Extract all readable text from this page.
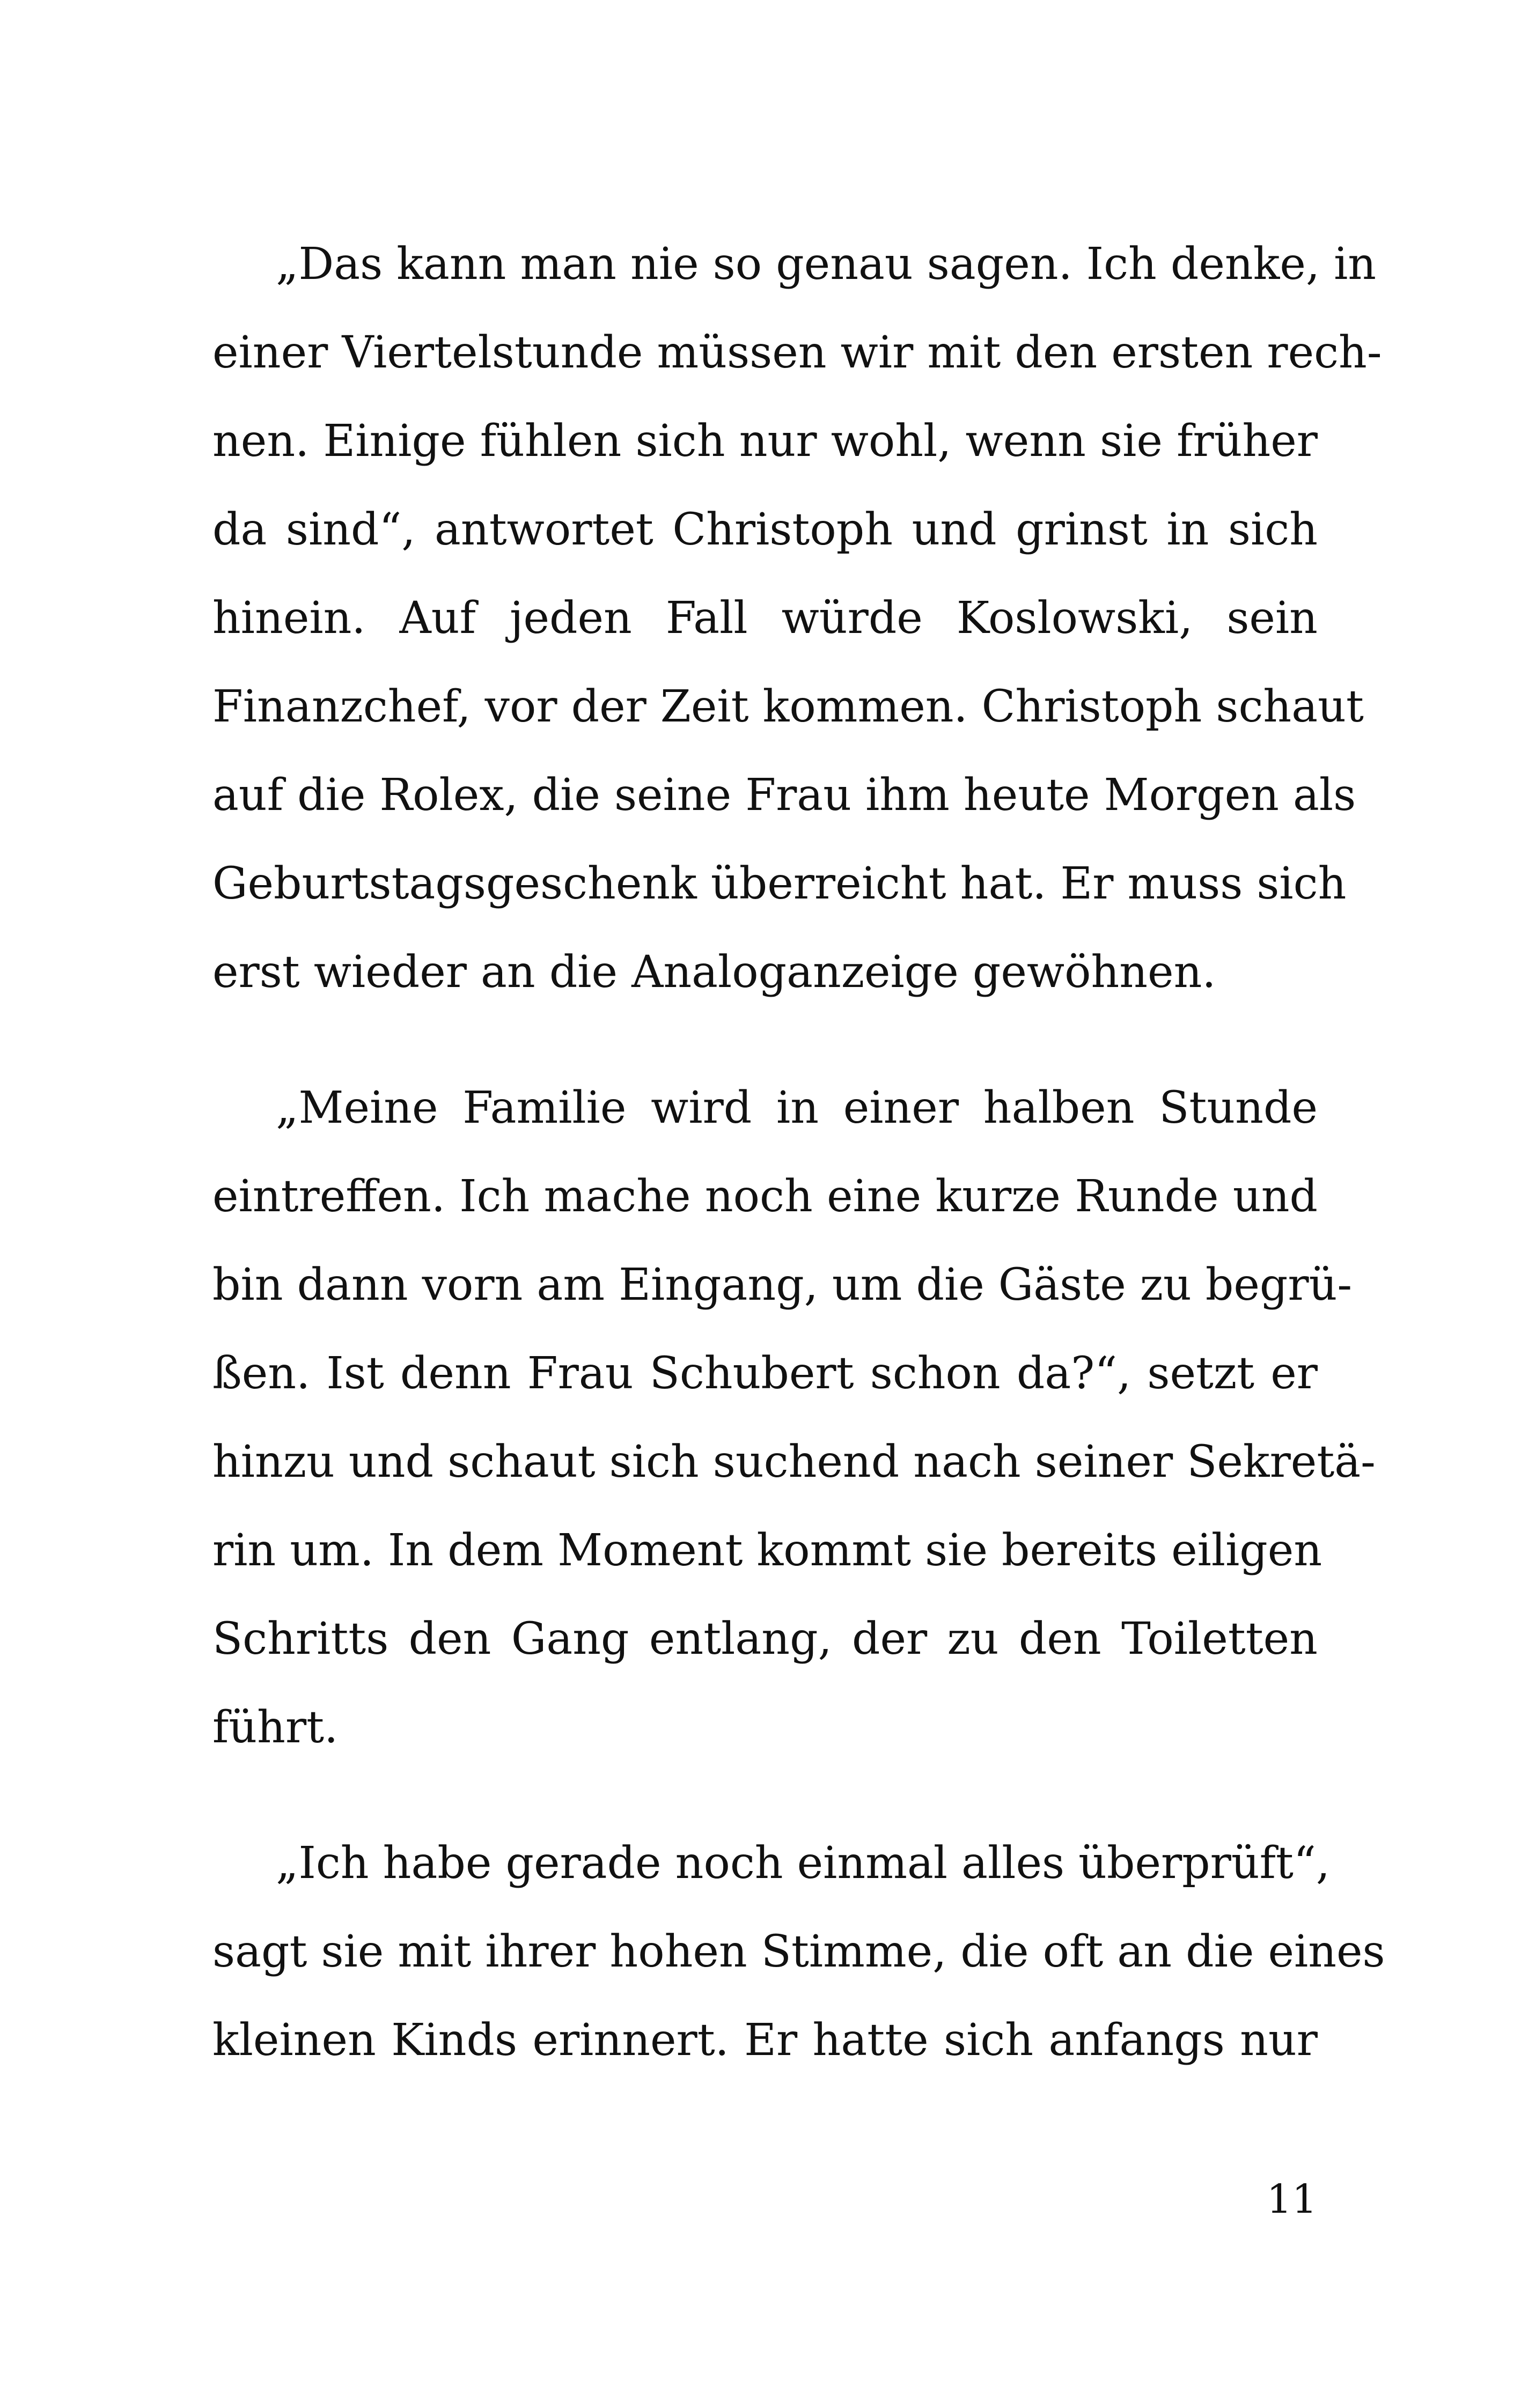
„Das kann man nie so genau sagen. Ich denke, in
einer Viertelstunde müssen wir mit den ersten rech-
nen. Einige fühlen sich nur wohl, wenn sie früher
da sind“, antwortet Christoph und grinst in sich
hinein. Auf jeden Fall würde Koslowski, sein
Finanzchef, vor der Zeit kommen. Christoph schaut
auf die Rolex, die seine Frau ihm heute Morgen als
Geburtstagsgeschenk überreicht hat. Er muss sich
erst wieder an die Analoganzeige gewöhnen.
„Meine Familie wird in einer halben Stunde
eintreffen. Ich mache noch eine kurze Runde und
bin dann vorn am Eingang, um die Gäste zu begrü-
ßen. Ist denn Frau Schubert schon da?“, setzt er
hinzu und schaut sich suchend nach seiner Sekretä-
rin um. In dem Moment kommt sie bereits eiligen
Schritts den Gang entlang, der zu den Toiletten
führt.
„Ich habe gerade noch einmal alles überprüft“,
sagt sie mit ihrer hohen Stimme, die oft an die eines
kleinen Kinds erinnert. Er hatte sich anfangs nur
11
